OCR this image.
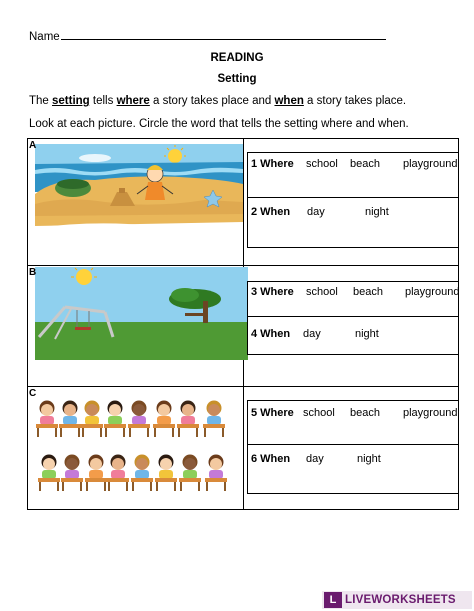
Name
READING
Setting
The setting tells where a story takes place and when a story takes place.
Look at each picture. Circle the word that tells the setting where and when.
A
B
C
1 Where school beach playground
2 When day	night
3 Where school beach playground
4 When day	night
5 Where school beach playground
6 When day	night
L LIVEWORKSHEETS
